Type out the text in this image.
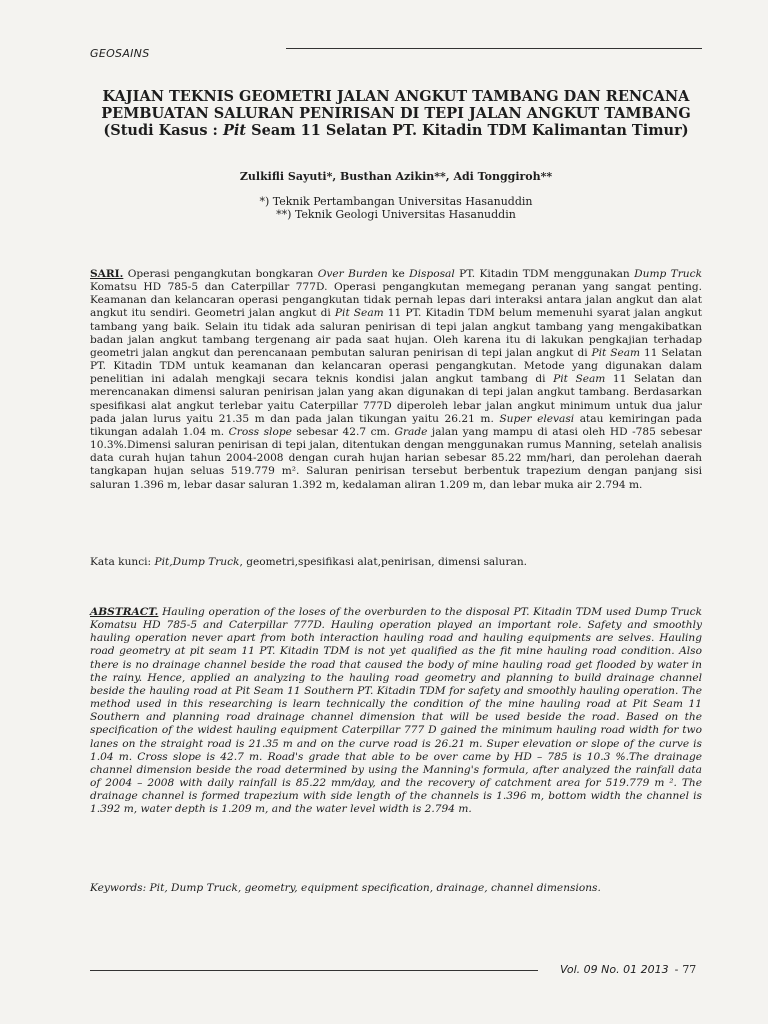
GEOSAINS
KAJIAN TEKNIS GEOMETRI JALAN ANGKUT TAMBANG DAN RENCANA
PEMBUATAN SALURAN PENIRISAN DI TEPI JALAN ANGKUT TAMBANG
(Studi Kasus : Pit Seam 11 Selatan PT. Kitadin TDM Kalimantan Timur)
Zulkifli Sayuti*, Busthan Azikin**, Adi Tonggiroh**
*) Teknik Pertambangan Universitas Hasanuddin
**) Teknik Geologi Universitas Hasanuddin

SARI. Operasi pengangkutan bongkaran Over Burden ke Disposal PT. Kitadin TDM menggunakan Dump Truck Komatsu HD 785-5 dan Caterpillar 777D. Operasi pengangkutan memegang peranan yang sangat penting. Keamanan dan kelancaran operasi pengangkutan tidak pernah lepas dari interaksi antara jalan angkut dan alat angkut itu sendiri. Geometri jalan angkut di Pit Seam 11 PT. Kitadin TDM belum memenuhi syarat jalan angkut tambang yang baik. Selain itu tidak ada saluran penirisan di tepi jalan angkut tambang yang mengakibatkan badan jalan angkut tambang tergenang air pada saat hujan. Oleh karena itu di lakukan pengkajian terhadap geometri jalan angkut dan perencanaan pembutan saluran penirisan di tepi jalan angkut di Pit Seam 11 Selatan PT. Kitadin TDM untuk keamanan dan kelancaran operasi pengangkutan. Metode yang digunakan dalam penelitian ini adalah mengkaji secara teknis kondisi jalan angkut tambang di Pit Seam 11 Selatan dan merencanakan dimensi saluran penirisan jalan yang akan digunakan di tepi jalan angkut tambang. Berdasarkan spesifikasi alat angkut terlebar yaitu Caterpillar 777D diperoleh lebar jalan angkut minimum untuk dua jalur pada jalan lurus yaitu 21.35 m dan pada jalan tikungan yaitu 26.21 m. Super elevasi atau kemiringan pada tikungan adalah 1.04 m. Cross slope sebesar 42.7 cm. Grade jalan yang mampu di atasi oleh HD -785 sebesar 10.3%.Dimensi saluran penirisan di tepi jalan, ditentukan dengan menggunakan rumus Manning, setelah analisis data curah hujan tahun 2004-2008 dengan curah hujan harian sebesar 85.22 mm/hari, dan perolehan daerah tangkapan hujan seluas 519.779 m². Saluran penirisan tersebut berbentuk trapezium dengan panjang sisi saluran 1.396 m, lebar dasar saluran 1.392 m, kedalaman aliran 1.209 m, dan lebar muka air 2.794 m.

Kata kunci: Pit,Dump Truck, geometri,spesifikasi alat,penirisan, dimensi saluran.

ABSTRACT. Hauling operation of the loses of the overburden to the disposal PT. Kitadin TDM used Dump Truck Komatsu HD 785-5 and Caterpillar 777D. Hauling operation played an important role. Safety and smoothly hauling operation never apart from both interaction hauling road and hauling equipments are selves. Hauling road geometry at pit seam 11 PT. Kitadin TDM is not yet qualified as the fit mine hauling road condition. Also there is no drainage channel beside the road that caused the body of mine hauling road get flooded by water in the rainy. Hence, applied an analyzing to the hauling road geometry and planning to build drainage channel beside the hauling road at Pit Seam 11 Southern PT. Kitadin TDM for safety and smoothly hauling operation. The method used in this researching is learn technically the condition of the mine hauling road at Pit Seam 11 Southern and planning road drainage channel dimension that will be used beside the road. Based on the specification of the widest hauling equipment Caterpillar 777 D gained the minimum hauling road width for two lanes on the straight road is 21.35 m and on the curve road is 26.21 m. Super elevation or slope of the curve is 1.04 m. Cross slope is 42.7 m. Road's grade that able to be over came by HD – 785 is 10.3 %.The drainage channel dimension beside the road determined by using the Manning's formula, after analyzed the rainfall data of 2004 – 2008 with daily rainfall is 85.22 mm/day, and the recovery of catchment area for 519.779 m ². The drainage channel is formed trapezium with side length of the channels is 1.396 m, bottom width the channel is 1.392 m, water depth is 1.209 m, and the water level width is 2.794 m.

Keywords: Pit, Dump Truck, geometry, equipment specification, drainage, channel dimensions.

Vol. 09 No. 01 2013 - 77
